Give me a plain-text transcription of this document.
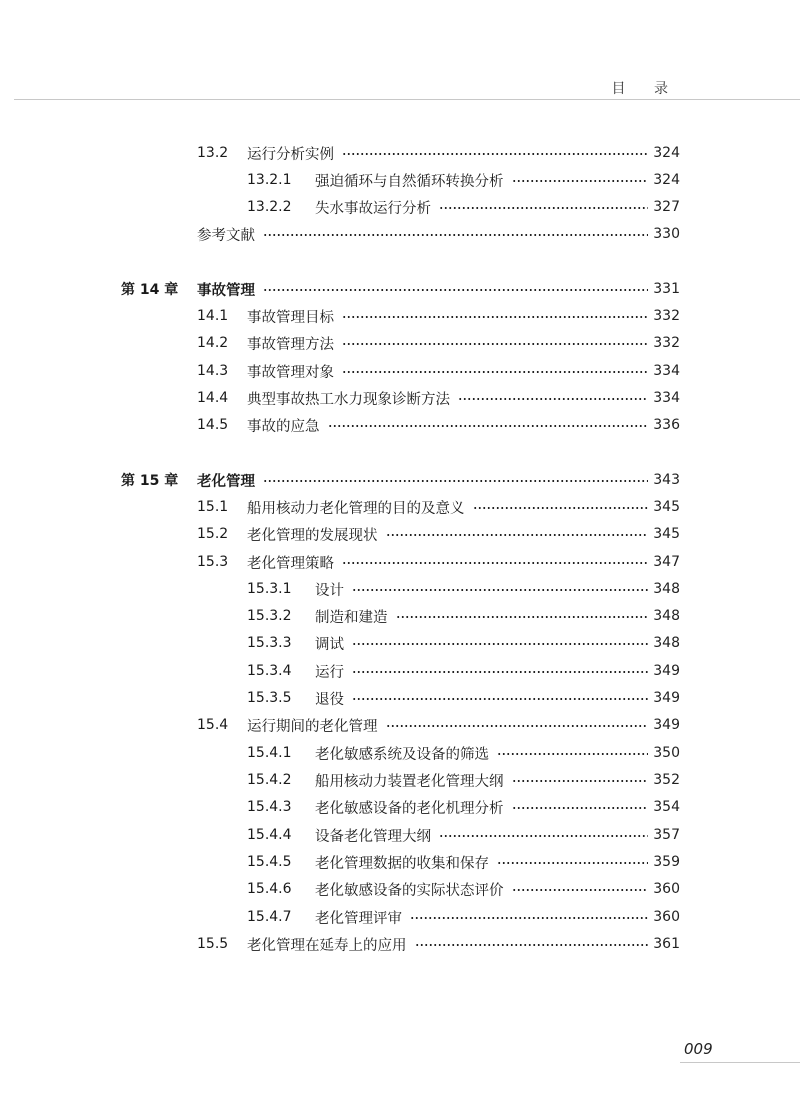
目 录
13.2 运行分析实例	324
13.2.1 强迫循环与自然循环转换分析	324
13.2.2 失水事故运行分析	327
参考文献	330
第 14 章 事故管理	331
14.1 事故管理目标	332
14.2 事故管理方法	332
14.3 事故管理对象	334
14.4 典型事故热工水力现象诊断方法	334
14.5 事故的应急	336
第 15 章 老化管理	343
15.1 船用核动力老化管理的目的及意义	345
15.2 老化管理的发展现状	345
15.3 老化管理策略	347
15.3.1 设计	348
15.3.2 制造和建造	348
15.3.3 调试	348
15.3.4 运行	349
15.3.5 退役	349
15.4 运行期间的老化管理	349
15.4.1 老化敏感系统及设备的筛选	350
15.4.2 船用核动力装置老化管理大纲	352
15.4.3 老化敏感设备的老化机理分析	354
15.4.4 设备老化管理大纲	357
15.4.5 老化管理数据的收集和保存	359
15.4.6 老化敏感设备的实际状态评价	360
15.4.7 老化管理评审	360
15.5 老化管理在延寿上的应用	361
009
